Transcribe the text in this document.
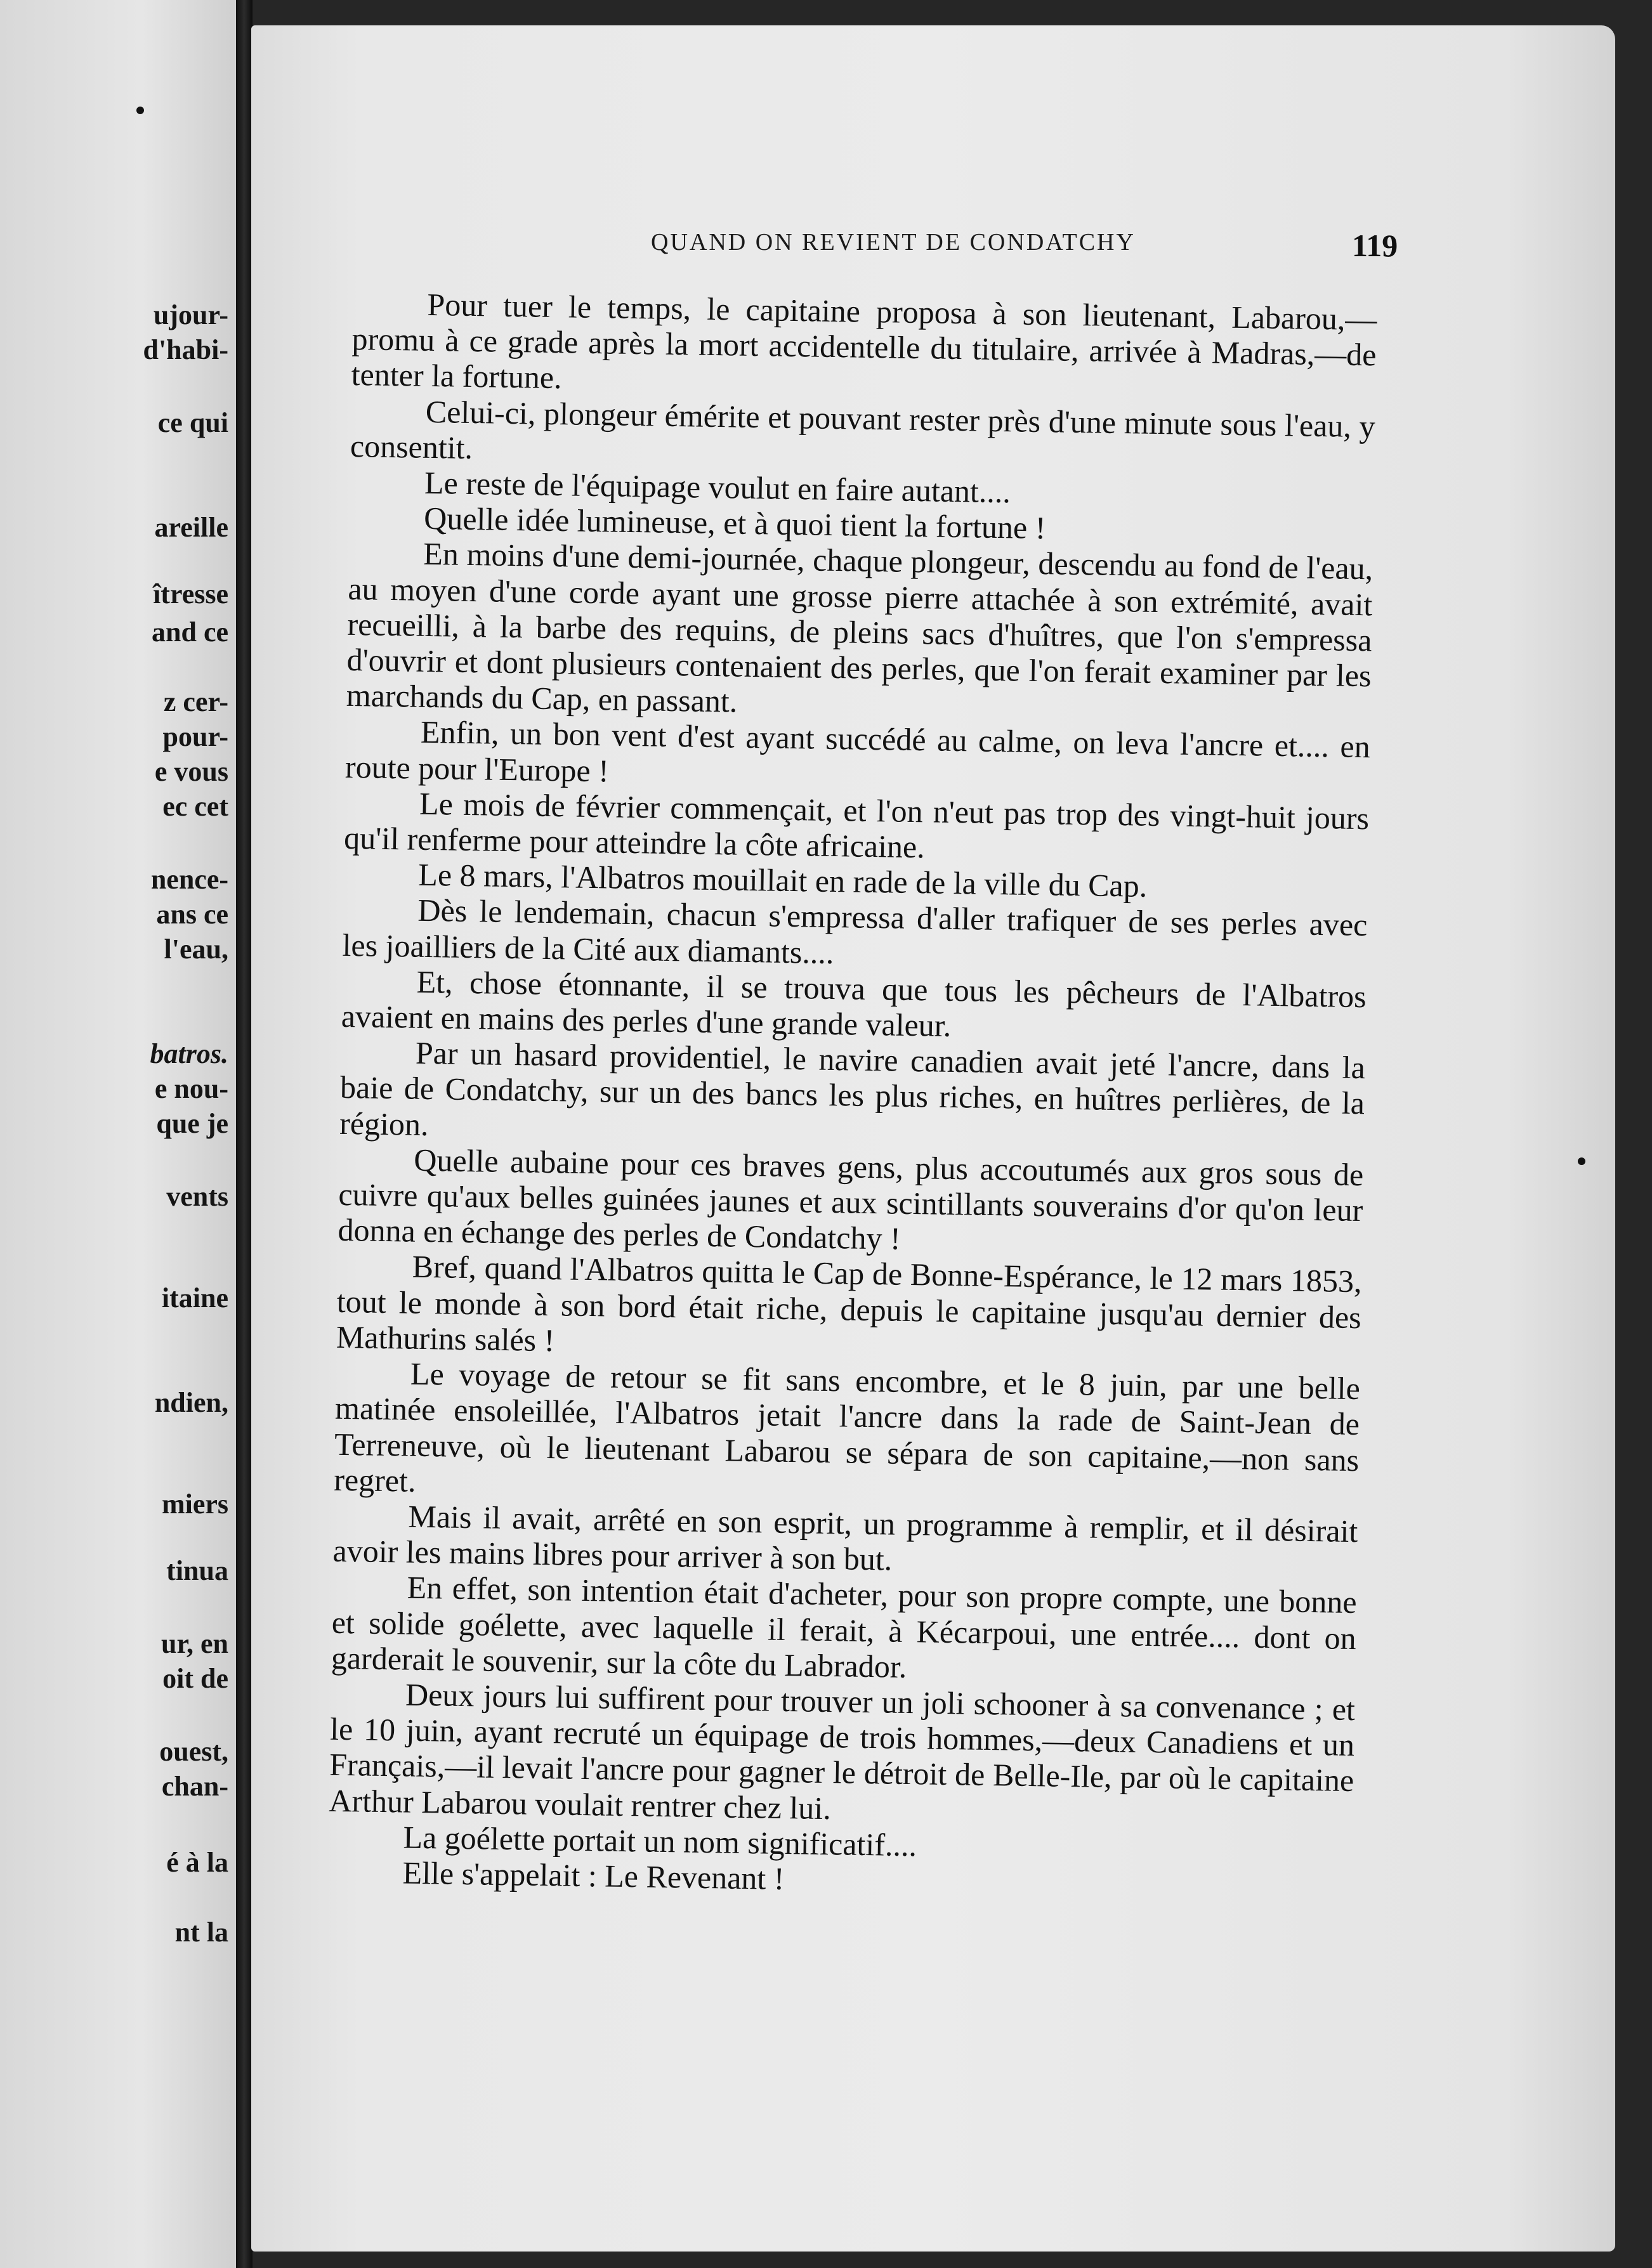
ujour-
d'habi-
ce qui
areille
îtresse
and ce
z cer-
pour-
e vous
ec cet
nence-
ans ce
l'eau,
batros.
e nou-
que je
vents
itaine
ndien,
miers
tinua
ur, en
oit de
ouest,
chan-
é à la
nt la
QUAND ON REVIENT DE CONDATCHY	119

Pour tuer le temps, le capitaine proposa à son lieutenant, Labarou,—promu à ce grade après la mort accidentelle du titulaire, arrivée à Madras,—de tenter la fortune.

Celui-ci, plongeur émérite et pouvant rester près d'une minute sous l'eau, y consentit.

Le reste de l'équipage voulut en faire autant....

Quelle idée lumineuse, et à quoi tient la fortune !

En moins d'une demi-journée, chaque plongeur, descendu au fond de l'eau, au moyen d'une corde ayant une grosse pierre attachée à son extrémité, avait recueilli, à la barbe des requins, de pleins sacs d'huîtres, que l'on s'empressa d'ouvrir et dont plusieurs contenaient des perles, que l'on ferait examiner par les marchands du Cap, en passant.

Enfin, un bon vent d'est ayant succédé au calme, on leva l'ancre et.... en route pour l'Europe !

Le mois de février commençait, et l'on n'eut pas trop des vingt-huit jours qu'il renferme pour atteindre la côte africaine.

Le 8 mars, l'Albatros mouillait en rade de la ville du Cap.

Dès le lendemain, chacun s'empressa d'aller trafiquer de ses perles avec les joailliers de la Cité aux diamants....

Et, chose étonnante, il se trouva que tous les pêcheurs de l'Albatros avaient en mains des perles d'une grande valeur.

Par un hasard providentiel, le navire canadien avait jeté l'ancre, dans la baie de Condatchy, sur un des bancs les plus riches, en huîtres perlières, de la région.

Quelle aubaine pour ces braves gens, plus accoutumés aux gros sous de cuivre qu'aux belles guinées jaunes et aux scintillants souverains d'or qu'on leur donna en échange des perles de Condatchy !

Bref, quand l'Albatros quitta le Cap de Bonne-Espérance, le 12 mars 1853, tout le monde à son bord était riche, depuis le capitaine jusqu'au dernier des Mathurins salés !

Le voyage de retour se fit sans encombre, et le 8 juin, par une belle matinée ensoleillée, l'Albatros jetait l'ancre dans la rade de Saint-Jean de Terreneuve, où le lieutenant Labarou se sépara de son capitaine,—non sans regret.

Mais il avait, arrêté en son esprit, un programme à remplir, et il désirait avoir les mains libres pour arriver à son but.

En effet, son intention était d'acheter, pour son propre compte, une bonne et solide goélette, avec laquelle il ferait, à Kécarpoui, une entrée.... dont on garderait le souvenir, sur la côte du Labrador.

Deux jours lui suffirent pour trouver un joli schooner à sa convenance ; et le 10 juin, ayant recruté un équipage de trois hommes,—deux Canadiens et un Français,—il levait l'ancre pour gagner le détroit de Belle-Ile, par où le capitaine Arthur Labarou voulait rentrer chez lui.

La goélette portait un nom significatif....

Elle s'appelait : Le Revenant !
